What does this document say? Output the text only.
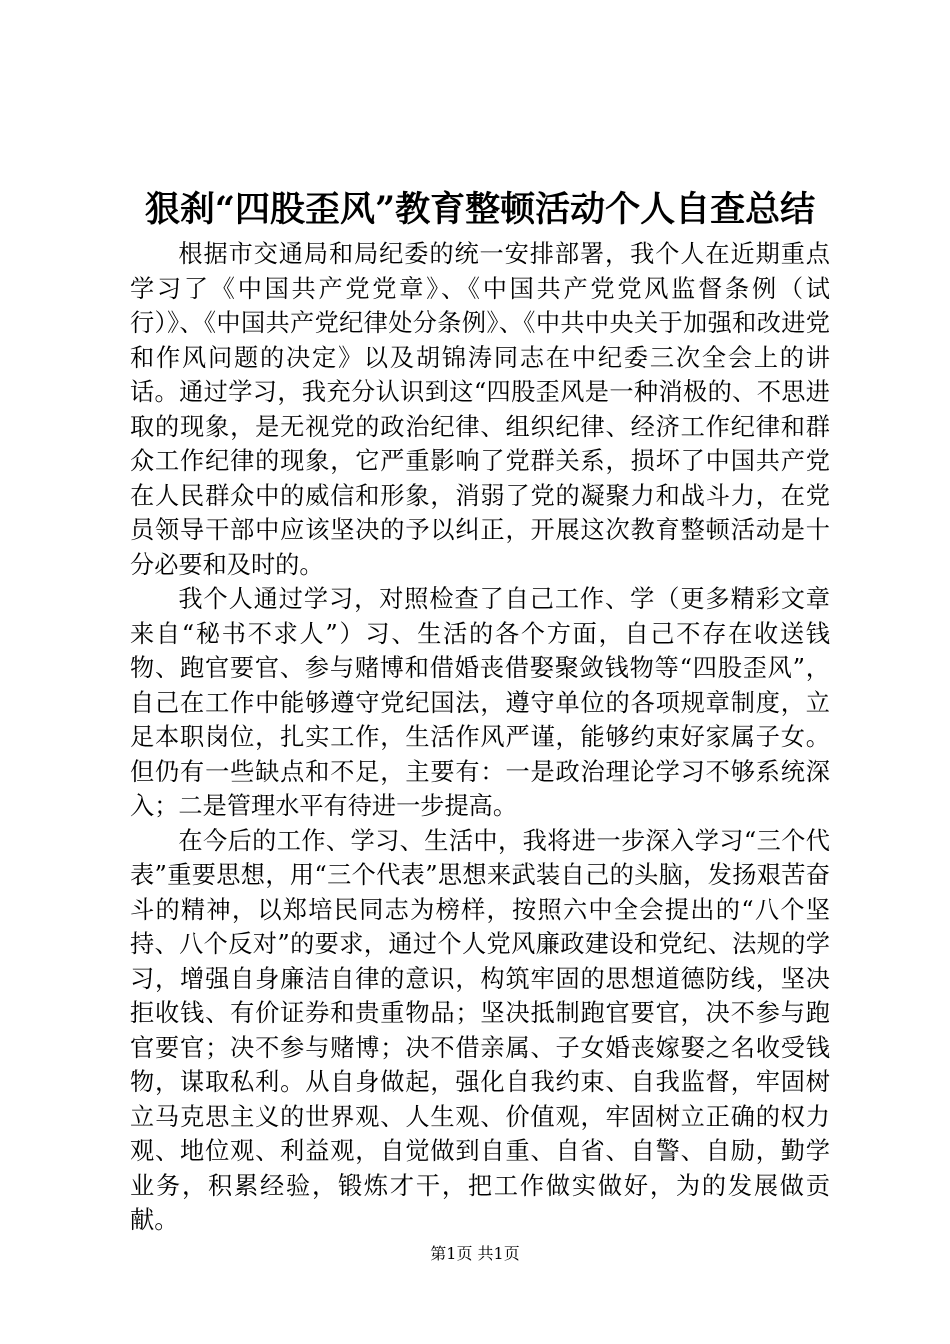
狠刹“四股歪风”教育整顿活动个人自查总结

根据市交通局和局纪委的统一安排部署，我个人在近期重点学习了《中国共产党党章》、《中国共产党党风监督条例（试行）》、《中国共产党纪律处分条例》、《中共中央关于加强和改进党和作风问题的决定》以及胡锦涛同志在中纪委三次全会上的讲话。通过学习，我充分认识到这“四股歪风是一种消极的、不思进取的现象，是无视党的政治纪律、组织纪律、经济工作纪律和群众工作纪律的现象，它严重影响了党群关系，损坏了中国共产党在人民群众中的威信和形象，消弱了党的凝聚力和战斗力，在党员领导干部中应该坚决的予以纠正，开展这次教育整顿活动是十分必要和及时的。

我个人通过学习，对照检查了自己工作、学（更多精彩文章来自“秘书不求人”）习、生活的各个方面，自己不存在收送钱物、跑官要官、参与赌博和借婚丧借娶聚敛钱物等“四股歪风”，自己在工作中能够遵守党纪国法，遵守单位的各项规章制度，立足本职岗位，扎实工作，生活作风严谨，能够约束好家属子女。但仍有一些缺点和不足，主要有：一是政治理论学习不够系统深入；二是管理水平有待进一步提高。

在今后的工作、学习、生活中，我将进一步深入学习“三个代表”重要思想，用“三个代表”思想来武装自己的头脑，发扬艰苦奋斗的精神，以郑培民同志为榜样，按照六中全会提出的“八个坚持、八个反对”的要求，通过个人党风廉政建设和党纪、法规的学习，增强自身廉洁自律的意识，构筑牢固的思想道德防线，坚决拒收钱、有价证券和贵重物品；坚决抵制跑官要官，决不参与跑官要官；决不参与赌博；决不借亲属、子女婚丧嫁娶之名收受钱物，谋取私利。从自身做起，强化自我约束、自我监督，牢固树立马克思主义的世界观、人生观、价值观，牢固树立正确的权力观、地位观、利益观，自觉做到自重、自省、自警、自励，勤学业务，积累经验，锻炼才干，把工作做实做好，为的发展做贡献。

第1页 共1页
